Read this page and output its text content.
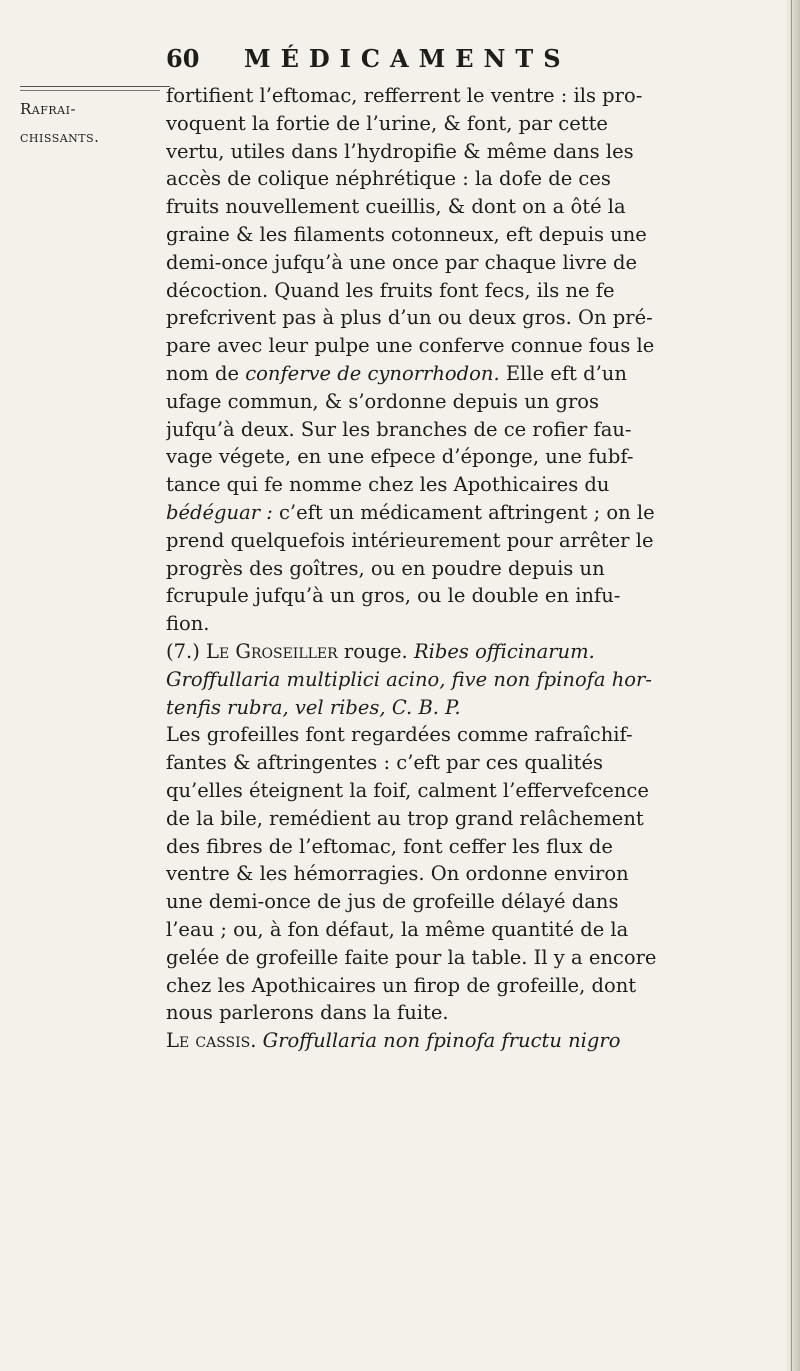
60 MÉDICAMENTS
Rafrai-
chissants.
fortifient l’eftomac, refferrent le ventre : ils pro-
voquent la fortie de l’urine, & font, par cette
vertu, utiles dans l’hydropifie & même dans les
accès de colique néphrétique : la dofe de ces
fruits nouvellement cueillis, & dont on a ôté la
graine & les filaments cotonneux, eft depuis une
demi-once jufqu’à une once par chaque livre de
décoction. Quand les fruits font fecs, ils ne fe
prefcrivent pas à plus d’un ou deux gros. On pré-
pare avec leur pulpe une conferve connue fous le
nom de conferve de cynorrhodon. Elle eft d’un
ufage commun, & s’ordonne depuis un gros
jufqu’à deux. Sur les branches de ce rofier fau-
vage végete, en une efpece d’éponge, une fubf-
tance qui fe nomme chez les Apothicaires du
bédéguar : c’eft un médicament aftringent ; on le
prend quelquefois intérieurement pour arrêter le
progrès des goîtres, ou en poudre depuis un
fcrupule jufqu’à un gros, ou le double en infu-
fion.
(7.) Le Groseiller rouge. Ribes officinarum.
Groffullaria multiplici acino, five non fpinofa hor-
tenfis rubra, vel ribes, C. B. P.
Les grofeilles font regardées comme rafraîchif-
fantes & aftringentes : c’eft par ces qualités
qu’elles éteignent la foif, calment l’effervefcence
de la bile, remédient au trop grand relâchement
des fibres de l’eftomac, font ceffer les flux de
ventre & les hémorragies. On ordonne environ
une demi-once de jus de grofeille délayé dans
l’eau ; ou, à fon défaut, la même quantité de la
gelée de grofeille faite pour la table. Il y a encore
chez les Apothicaires un firop de grofeille, dont
nous parlerons dans la fuite.
Le cassis. Groffullaria non fpinofa fructu nigro
